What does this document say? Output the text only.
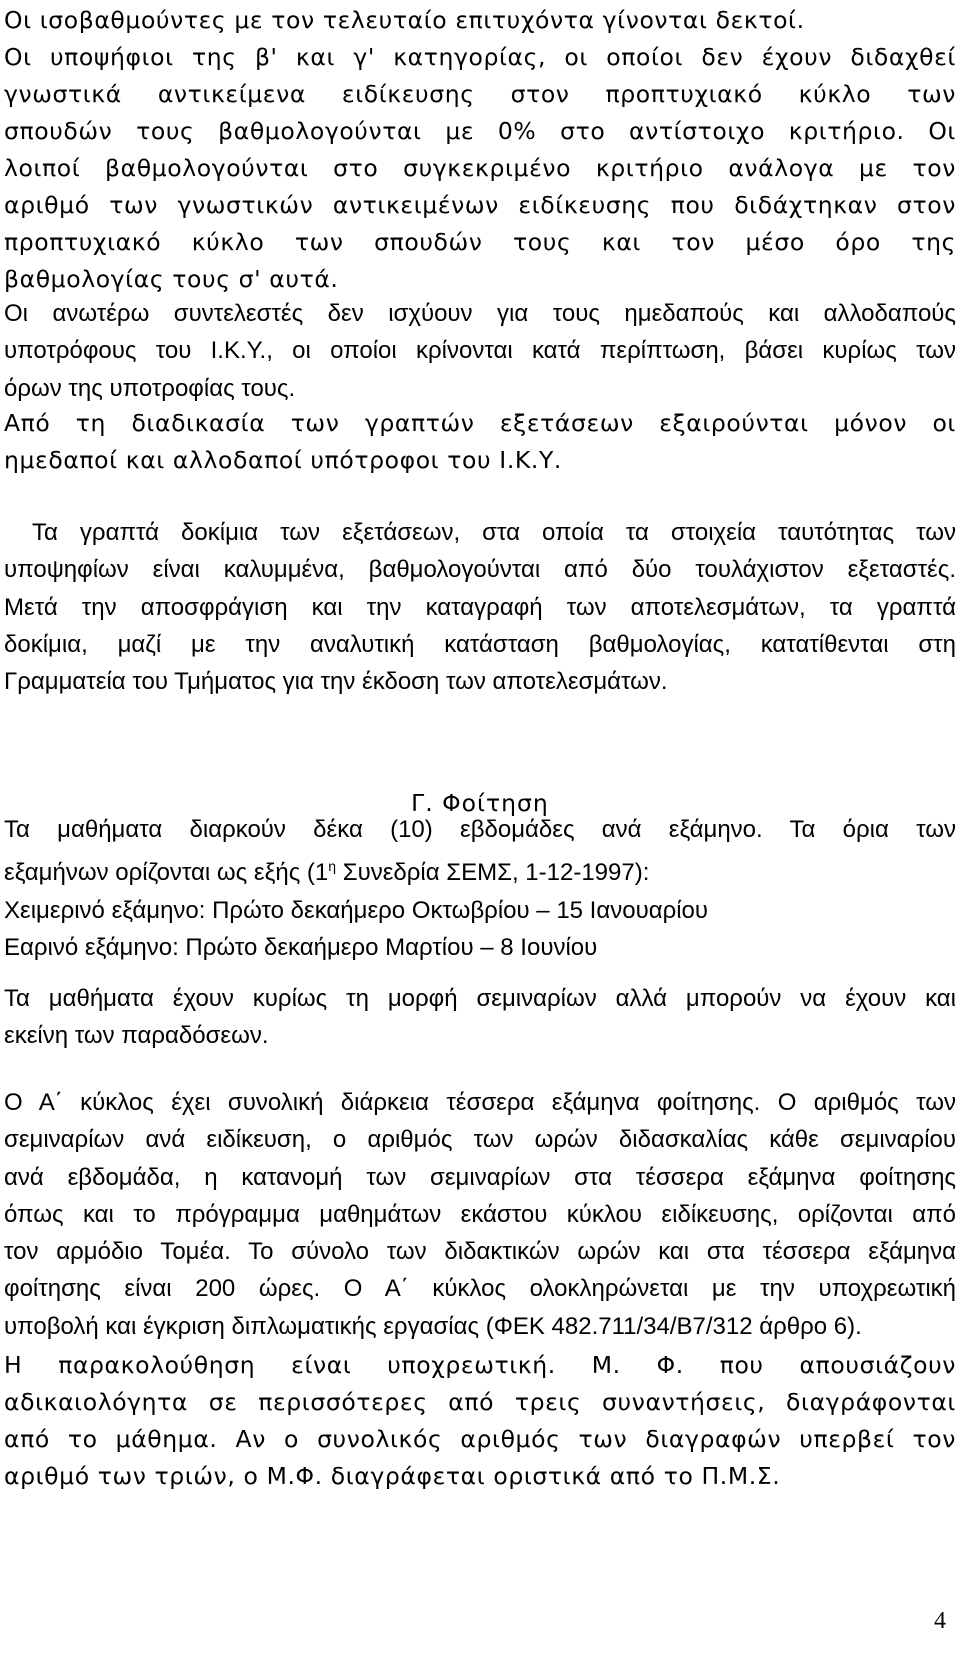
Οι ισοβαθμούντες με τον τελευταίο επιτυχόντα γίνονται δεκτοί.
Οι υποψήφιοι της β' και γ' κατηγορίας, οι οποίοι δεν έχουν διδαχθεί
γνωστικά αντικείμενα ειδίκευσης στον προπτυχιακό κύκλο των
σπουδών τους βαθμολογούνται με 0% στο αντίστοιχο κριτήριο. Οι
λοιποί βαθμολογούνται στο συγκεκριμένο κριτήριο ανάλογα με τον
αριθμό των γνωστικών αντικειμένων ειδίκευσης που διδάχτηκαν στον
προπτυχιακό κύκλο των σπουδών τους και τον μέσο όρο της
βαθμολογίας τους σ' αυτά.
Οι ανωτέρω συντελεστές δεν ισχύουν για τους ημεδαπούς και αλλοδαπούς
υποτρόφους του Ι.Κ.Υ., οι οποίοι κρίνονται κατά περίπτωση, βάσει κυρίως των
όρων της υποτροφίας τους.
Από τη διαδικασία των γραπτών εξετάσεων εξαιρούνται μόνον οι
ημεδαποί και αλλοδαποί υπότροφοι του Ι.Κ.Υ.
Τα γραπτά δοκίμια των εξετάσεων, στα οποία τα στοιχεία ταυτότητας των
υποψηφίων είναι καλυμμένα, βαθμολογούνται από δύο τουλάχιστον εξεταστές.
Μετά την αποσφράγιση και την καταγραφή των αποτελεσμάτων, τα γραπτά
δοκίμια, μαζί με την αναλυτική κατάσταση βαθμολογίας, κατατίθενται στη
Γραμματεία του Τμήματος για την έκδοση των αποτελεσμάτων.
Γ. Φοίτηση
Τα μαθήματα διαρκούν δέκα (10) εβδομάδες ανά εξάμηνο. Τα όρια των
εξαμήνων ορίζονται ως εξής ($1^\eta$ Συνεδρία ΣΕΜΣ, 1-12-1997):
Χειμερινό εξάμηνο: Πρώτο δεκαήμερο Οκτωβρίου – 15 Ιανουαρίου
Εαρινό εξάμηνο: Πρώτο δεκαήμερο Μαρτίου – 8 Ιουνίου
Τα μαθήματα έχουν κυρίως τη μορφή σεμιναρίων αλλά μπορούν να έχουν και
εκείνη των παραδόσεων.
Ο Α΄ κύκλος έχει συνολική διάρκεια τέσσερα εξάμηνα φοίτησης. Ο αριθμός των
σεμιναρίων ανά ειδίκευση, ο αριθμός των ωρών διδασκαλίας κάθε σεμιναρίου
ανά εβδομάδα, η κατανομή των σεμιναρίων στα τέσσερα εξάμηνα φοίτησης
όπως και το πρόγραμμα μαθημάτων εκάστου κύκλου ειδίκευσης, ορίζονται από
τον αρμόδιο Τομέα. Το σύνολο των διδακτικών ωρών και στα τέσσερα εξάμηνα
φοίτησης είναι 200 ώρες. Ο Α΄ κύκλος ολοκληρώνεται με την υποχρεωτική
υποβολή και έγκριση διπλωματικής εργασίας (ΦΕΚ 482.711/34/Β7/312 άρθρο 6).
Η παρακολούθηση είναι υποχρεωτική. Μ. Φ. που απουσιάζουν
αδικαιολόγητα σε περισσότερες από τρεις συναντήσεις, διαγράφονται
από το μάθημα. Αν ο συνολικός αριθμός των διαγραφών υπερβεί τον
αριθμό των τριών, ο Μ.Φ. διαγράφεται οριστικά από το Π.Μ.Σ.
4
